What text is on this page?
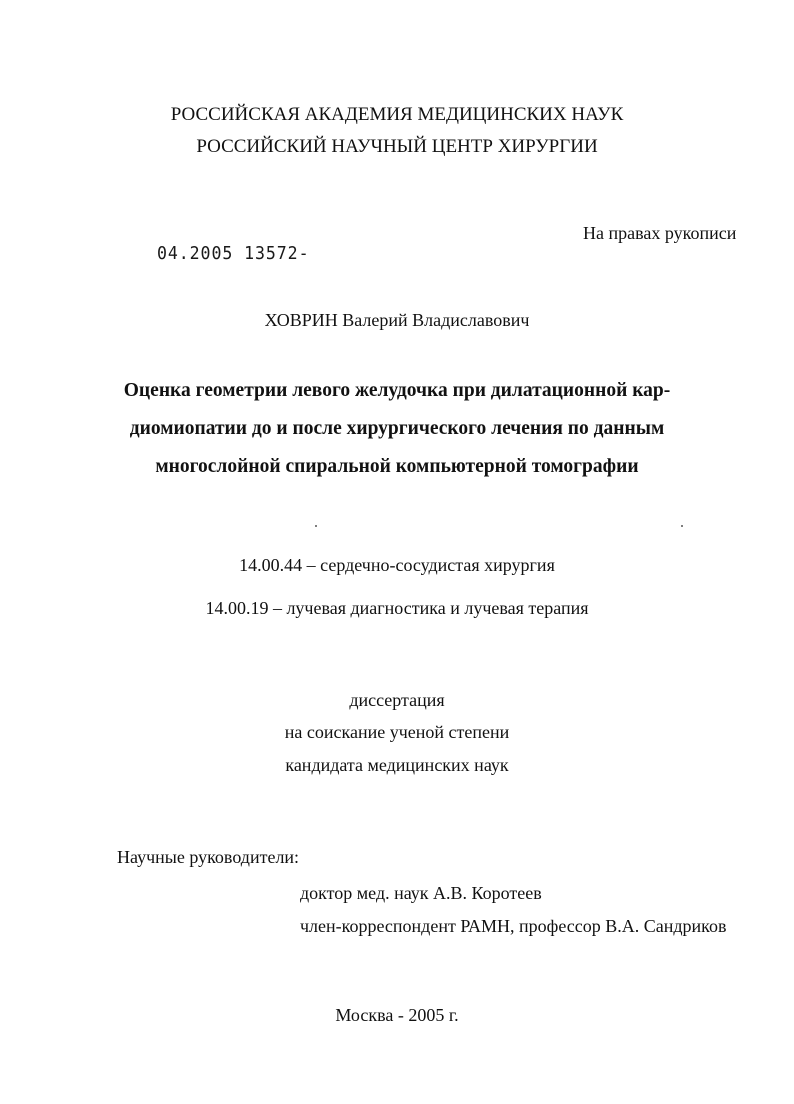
РОССИЙСКАЯ АКАДЕМИЯ МЕДИЦИНСКИХ НАУК
РОССИЙСКИЙ НАУЧНЫЙ ЦЕНТР ХИРУРГИИ
На правах рукописи
04.2005 13572-
ХОВРИН Валерий Владиславович
Оценка геометрии левого желудочка при дилатационной кар-
диомиопатии до и после хирургического лечения по данным
многослойной спиральной компьютерной томографии
14.00.44 – сердечно-сосудистая хирургия
14.00.19 – лучевая диагностика и лучевая терапия
диссертация
на соискание ученой степени
кандидата медицинских наук
Научные руководители:
доктор мед. наук А.В. Коротеев
член-корреспондент РАМН, профессор В.А. Сандриков
Москва - 2005 г.
